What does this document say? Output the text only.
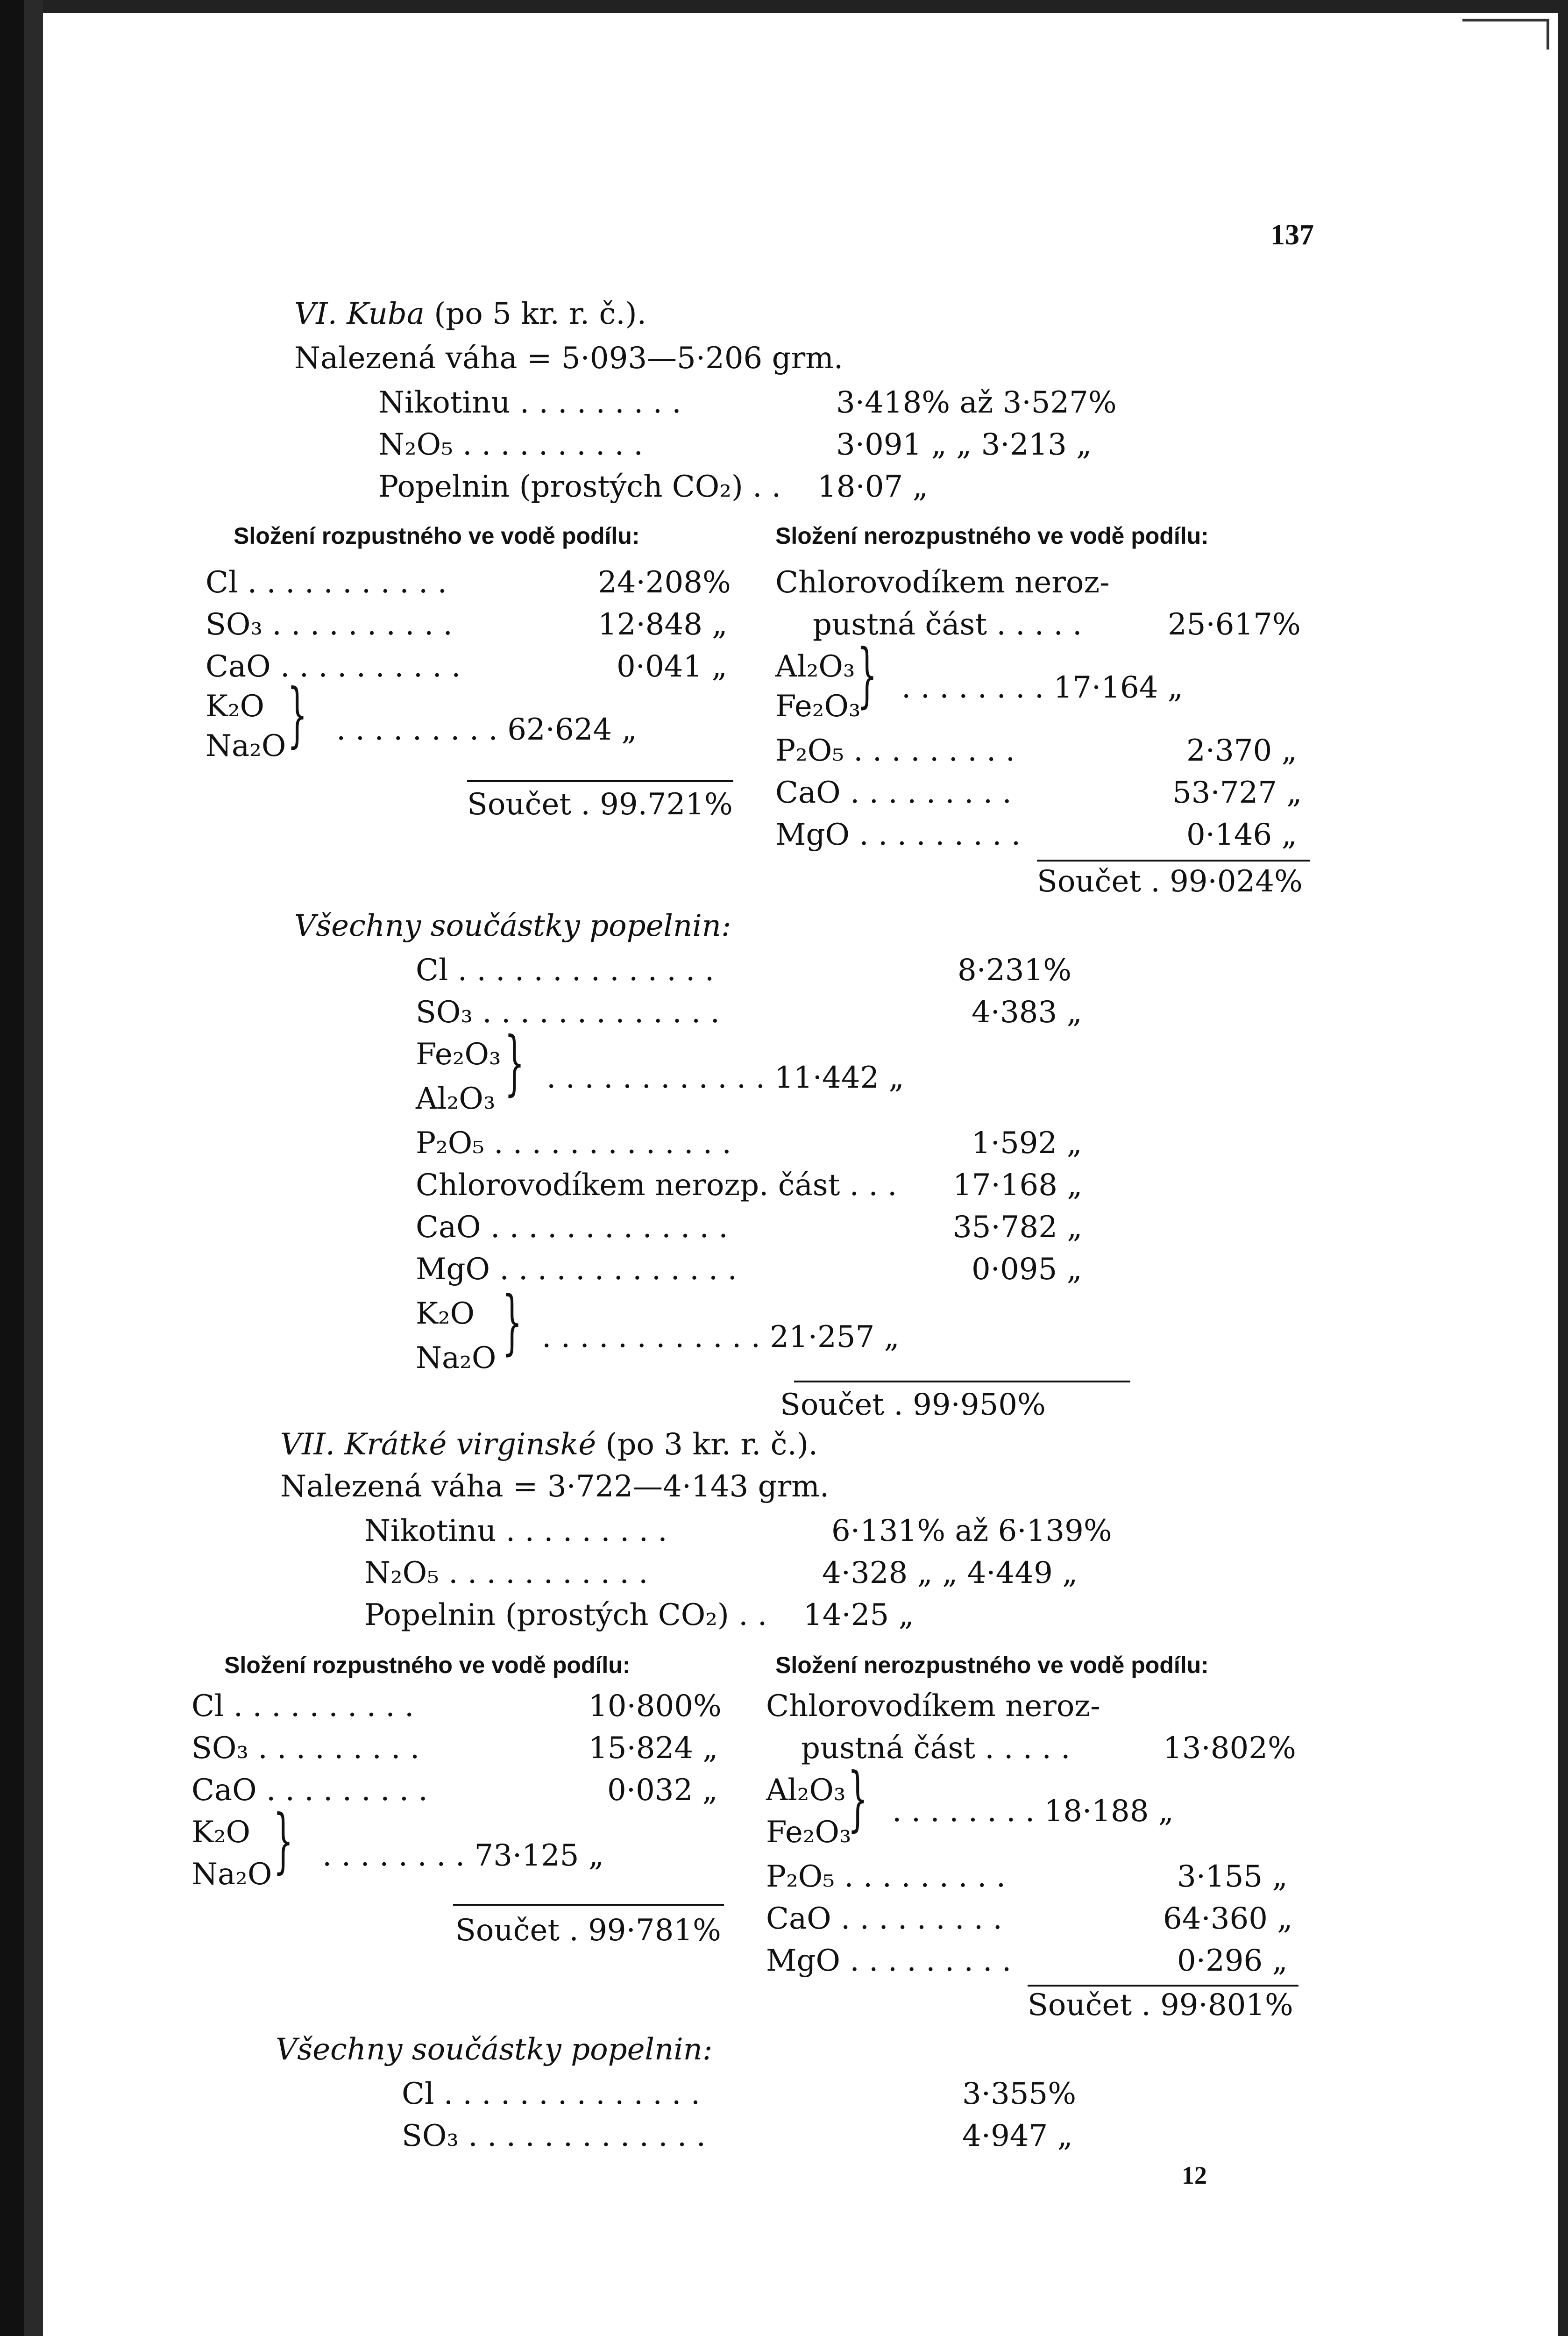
137
VI. Kuba (po 5 kr. r. č.).
Nalezená váha = 5·093—5·206 grm.
Nikotinu . . . . . . . . .	3·418% až 3·527%
N₂O₅ . . . . . . . . . .	3·091 „ „ 3·213 „
Popelnin (prostých CO₂) . . 18·07 „
Složení rozpustného ve vodě podílu:	Složení nerozpustného ve vodě podílu:
Cl . . . . . . . . . . .	24·208%
SO₃ . . . . . . . . . .	12·848 „
CaO . . . . . . . . . .	0·041 „
K₂O
Na₂O } . . . . . . . . . 62·624 „
Součet . 99.721%
Chlorovodíkem neroz-
pustná část . . . . .	25·617%
Al₂O₃
Fe₂O₃
} . . . . . . . . 17·164 „
P₂O₅ . . . . . . . . .	2·370 „
CaO . . . . . . . . .	53·727 „
MgO . . . . . . . . .	0·146 „
Součet . 99·024%
Všechny součástky popelnin:
Cl . . . . . . . . . . . . . .	8·231%
SO₃ . . . . . . . . . . . . .	4·383 „
Fe₂O₃
Al₂O₃ } . . . . . . . . . . . . 11·442 „
P₂O₅ . . . . . . . . . . . . .	1·592 „
Chlorovodíkem nerozp. část . . . 17·168 „
CaO . . . . . . . . . . . . .	35·782 „
MgO . . . . . . . . . . . . .	0·095 „
K₂O
Na₂O } . . . . . . . . . . . . 21·257 „
Součet . 99·950%
VII. Krátké virginské (po 3 kr. r. č.).
Nalezená váha = 3·722—4·143 grm.
Nikotinu . . . . . . . . .	6·131% až 6·139%
N₂O₅ . . . . . . . . . . .	4·328 „ „ 4·449 „
Popelnin (prostých CO₂) . . 14·25 „
Složení rozpustného ve vodě podílu:	Složení nerozpustného ve vodě podílu:
Cl . . . . . . . . . .	10·800%
SO₃ . . . . . . . . .	15·824 „
CaO . . . . . . . . .	0·032 „
K₂O
Na₂O } . . . . . . . . 73·125 „
Součet . 99·781%
Chlorovodíkem neroz-
pustná část . . . . .	13·802%
Al₂O₃
Fe₂O₃
} . . . . . . . . 18·188 „
P₂O₅ . . . . . . . . .	3·155 „
CaO . . . . . . . . .	64·360 „
MgO . . . . . . . . .	0·296 „
Součet . 99·801%
Všechny součástky popelnin:
Cl . . . . . . . . . . . . . .	3·355%
SO₃ . . . . . . . . . . . . .	4·947 „
12
